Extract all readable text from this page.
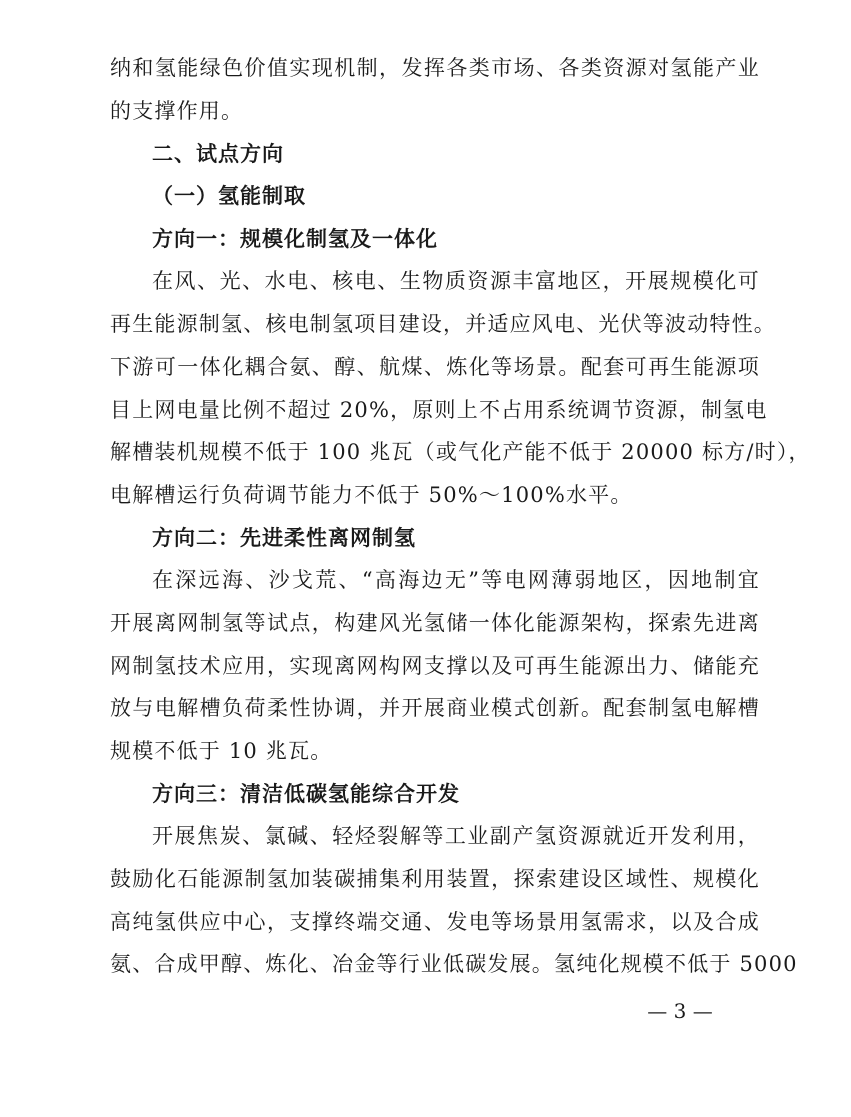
纳和氢能绿色价值实现机制，发挥各类市场、各类资源对氢能产业
的支撑作用。
二、试点方向
（一）氢能制取
方向一：规模化制氢及一体化
在风、光、水电、核电、生物质资源丰富地区，开展规模化可
再生能源制氢、核电制氢项目建设，并适应风电、光伏等波动特性。
下游可一体化耦合氨、醇、航煤、炼化等场景。配套可再生能源项
目上网电量比例不超过 20%，原则上不占用系统调节资源，制氢电
解槽装机规模不低于 100 兆瓦（或气化产能不低于 20000 标方/时），
电解槽运行负荷调节能力不低于 50%～100%水平。
方向二：先进柔性离网制氢
在深远海、沙戈荒、“高海边无”等电网薄弱地区，因地制宜
开展离网制氢等试点，构建风光氢储一体化能源架构，探索先进离
网制氢技术应用，实现离网构网支撑以及可再生能源出力、储能充
放与电解槽负荷柔性协调，并开展商业模式创新。配套制氢电解槽
规模不低于 10 兆瓦。
方向三：清洁低碳氢能综合开发
开展焦炭、氯碱、轻烃裂解等工业副产氢资源就近开发利用，
鼓励化石能源制氢加装碳捕集利用装置，探索建设区域性、规模化
高纯氢供应中心，支撑终端交通、发电等场景用氢需求，以及合成
氨、合成甲醇、炼化、冶金等行业低碳发展。氢纯化规模不低于 5000
— 3 —
